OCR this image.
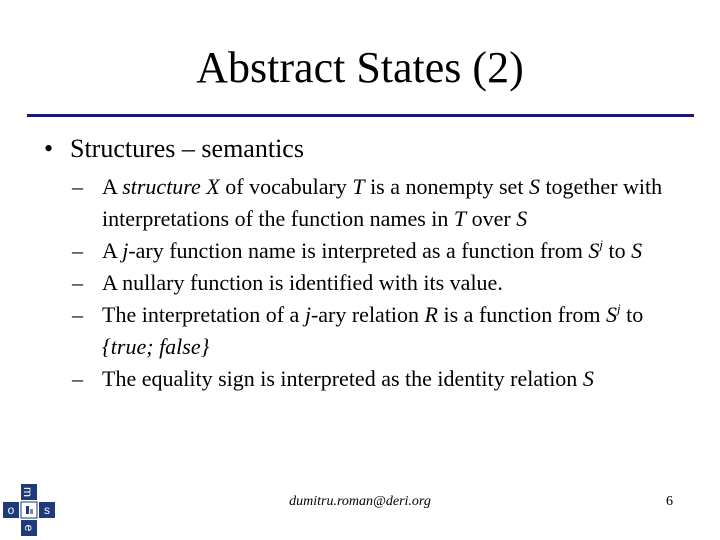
Abstract States (2)
• Structures – semantics
– A structure X of vocabulary T is a nonempty set S together with interpretations of the function names in T over S
– A j-ary function name is interpreted as a function from $S^j$ to S
– A nullary function is identified with its value.
– The interpretation of a j-ary relation R is a function from $S^j$ to {true; false}
– The equality sign is interpreted as the identity relation S
m
o s
e
dumitru.roman@deri.org	6
